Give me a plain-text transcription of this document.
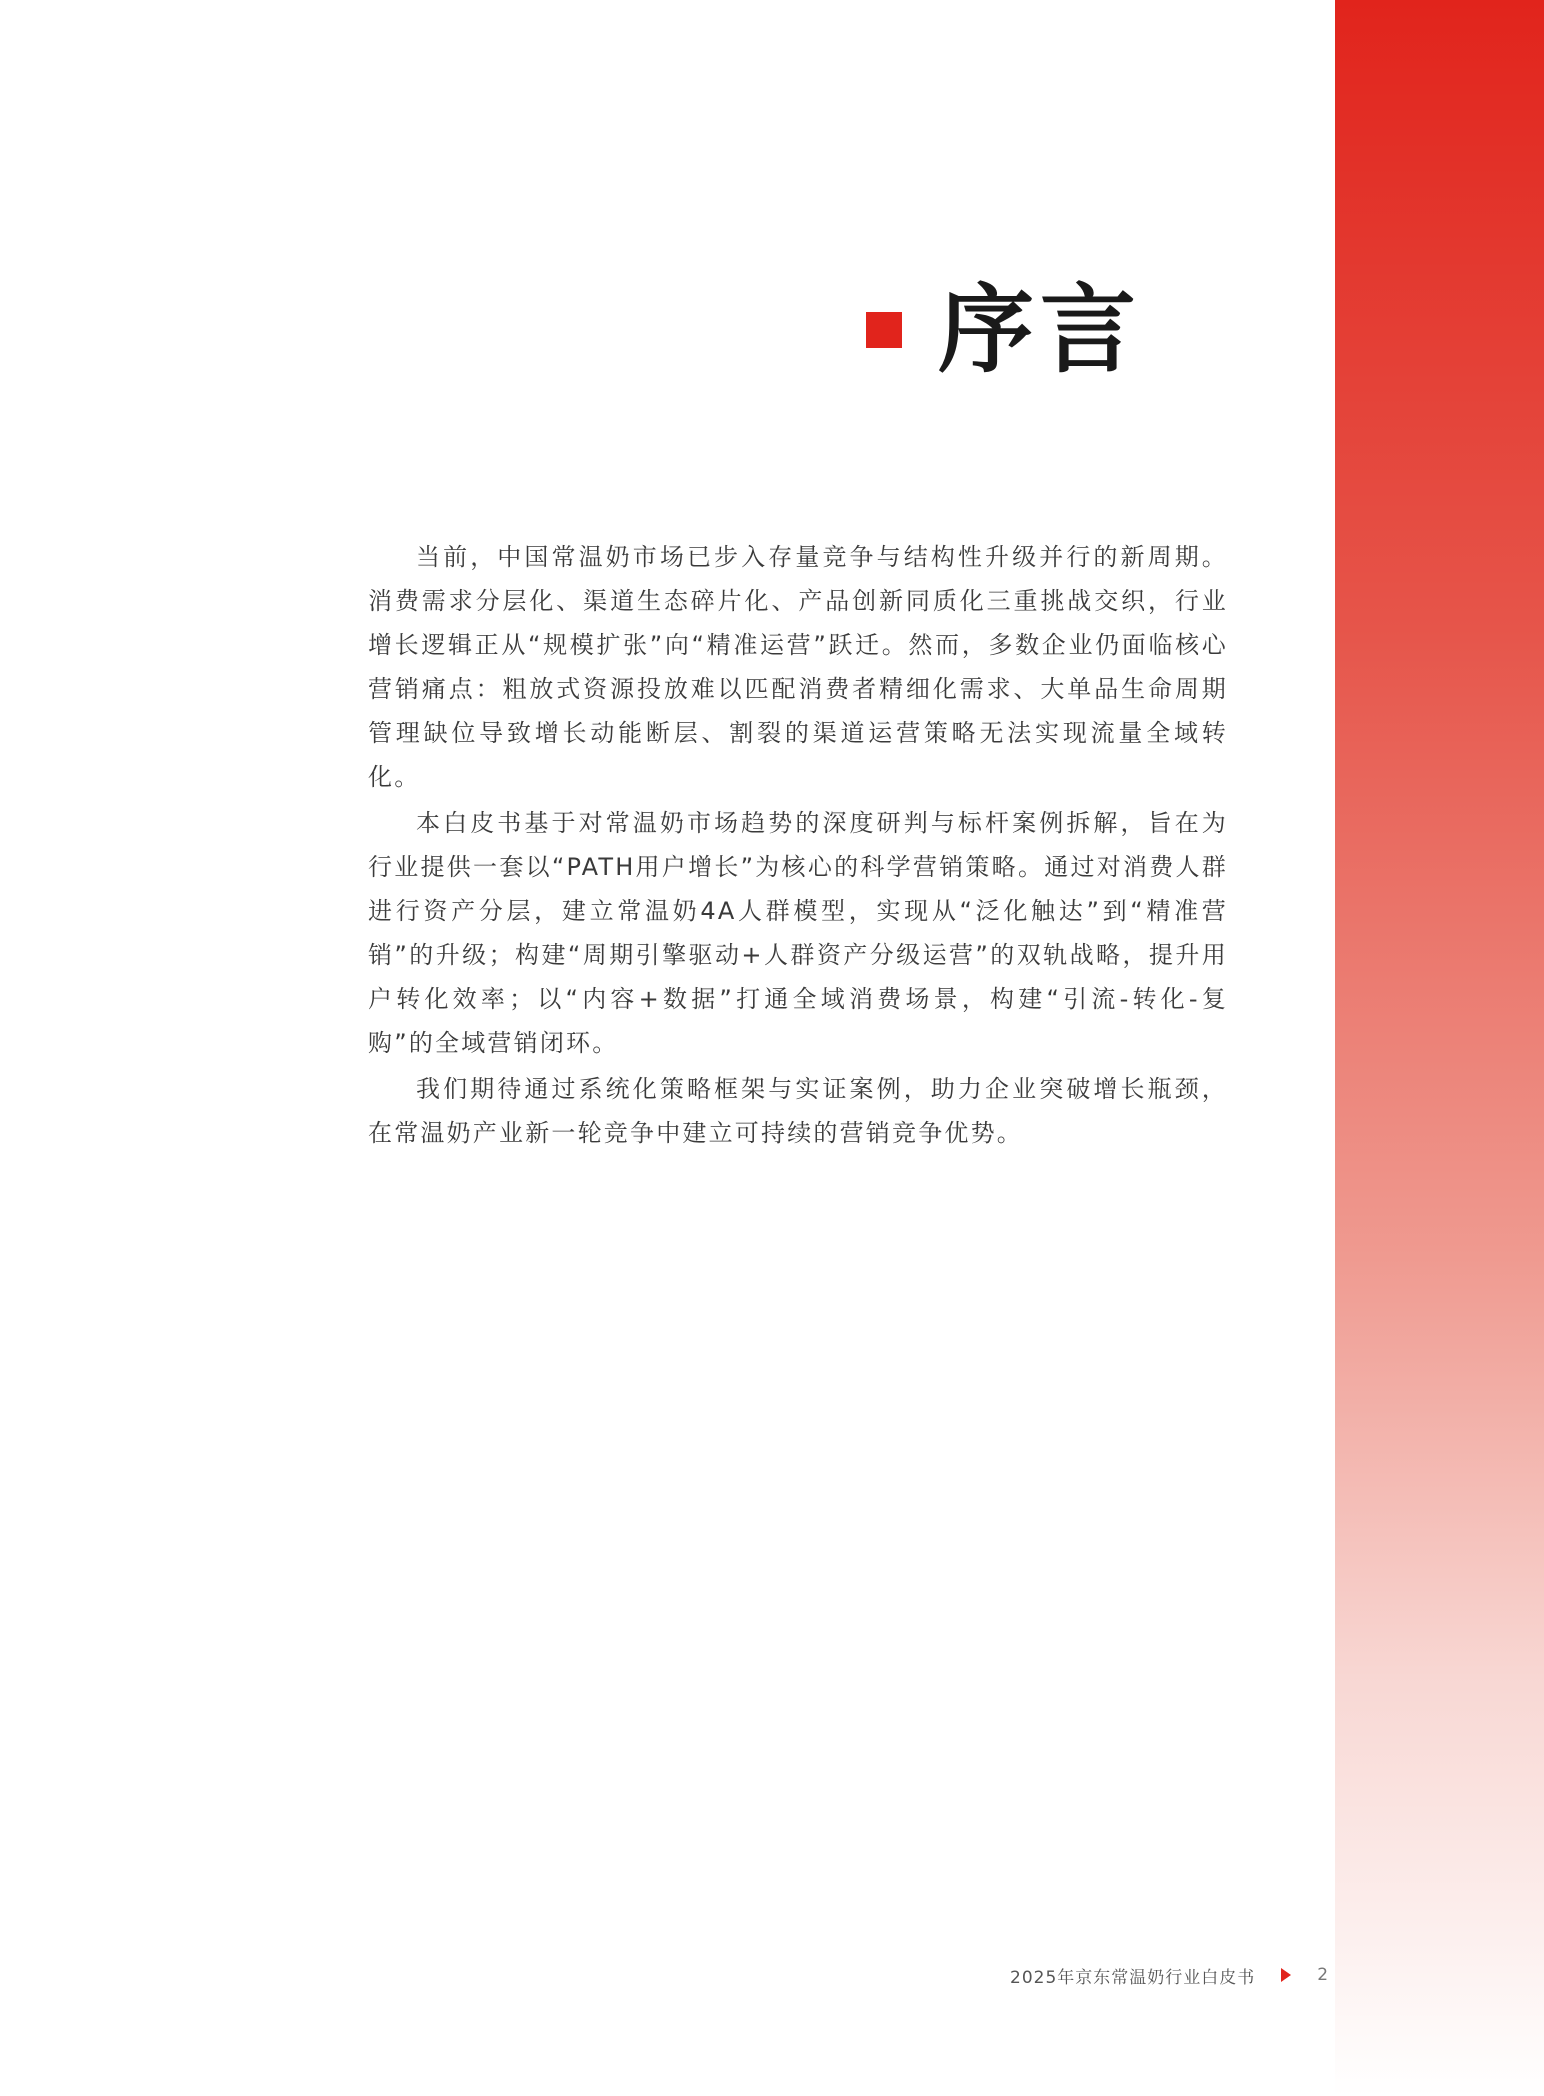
序言

当前，中国常温奶市场已步入存量竞争与结构性升级并行的新周期。消费需求分层化、渠道生态碎片化、产品创新同质化三重挑战交织，行业增长逻辑正从“规模扩张”向“精准运营”跃迁。然而，多数企业仍面临核心营销痛点：粗放式资源投放难以匹配消费者精细化需求、大单品生命周期管理缺位导致增长动能断层、割裂的渠道运营策略无法实现流量全域转化。

本白皮书基于对常温奶市场趋势的深度研判与标杆案例拆解，旨在为行业提供一套以“PATH用户增长”为核心的科学营销策略。通过对消费人群进行资产分层，建立常温奶4A人群模型，实现从“泛化触达”到“精准营销”的升级；构建“周期引擎驱动+人群资产分级运营”的双轨战略，提升用户转化效率；以“内容+数据”打通全域消费场景，构建“引流-转化-复购”的全域营销闭环。

我们期待通过系统化策略框架与实证案例，助力企业突破增长瓶颈，在常温奶产业新一轮竞争中建立可持续的营销竞争优势。

2025年京东常温奶行业白皮书	2
